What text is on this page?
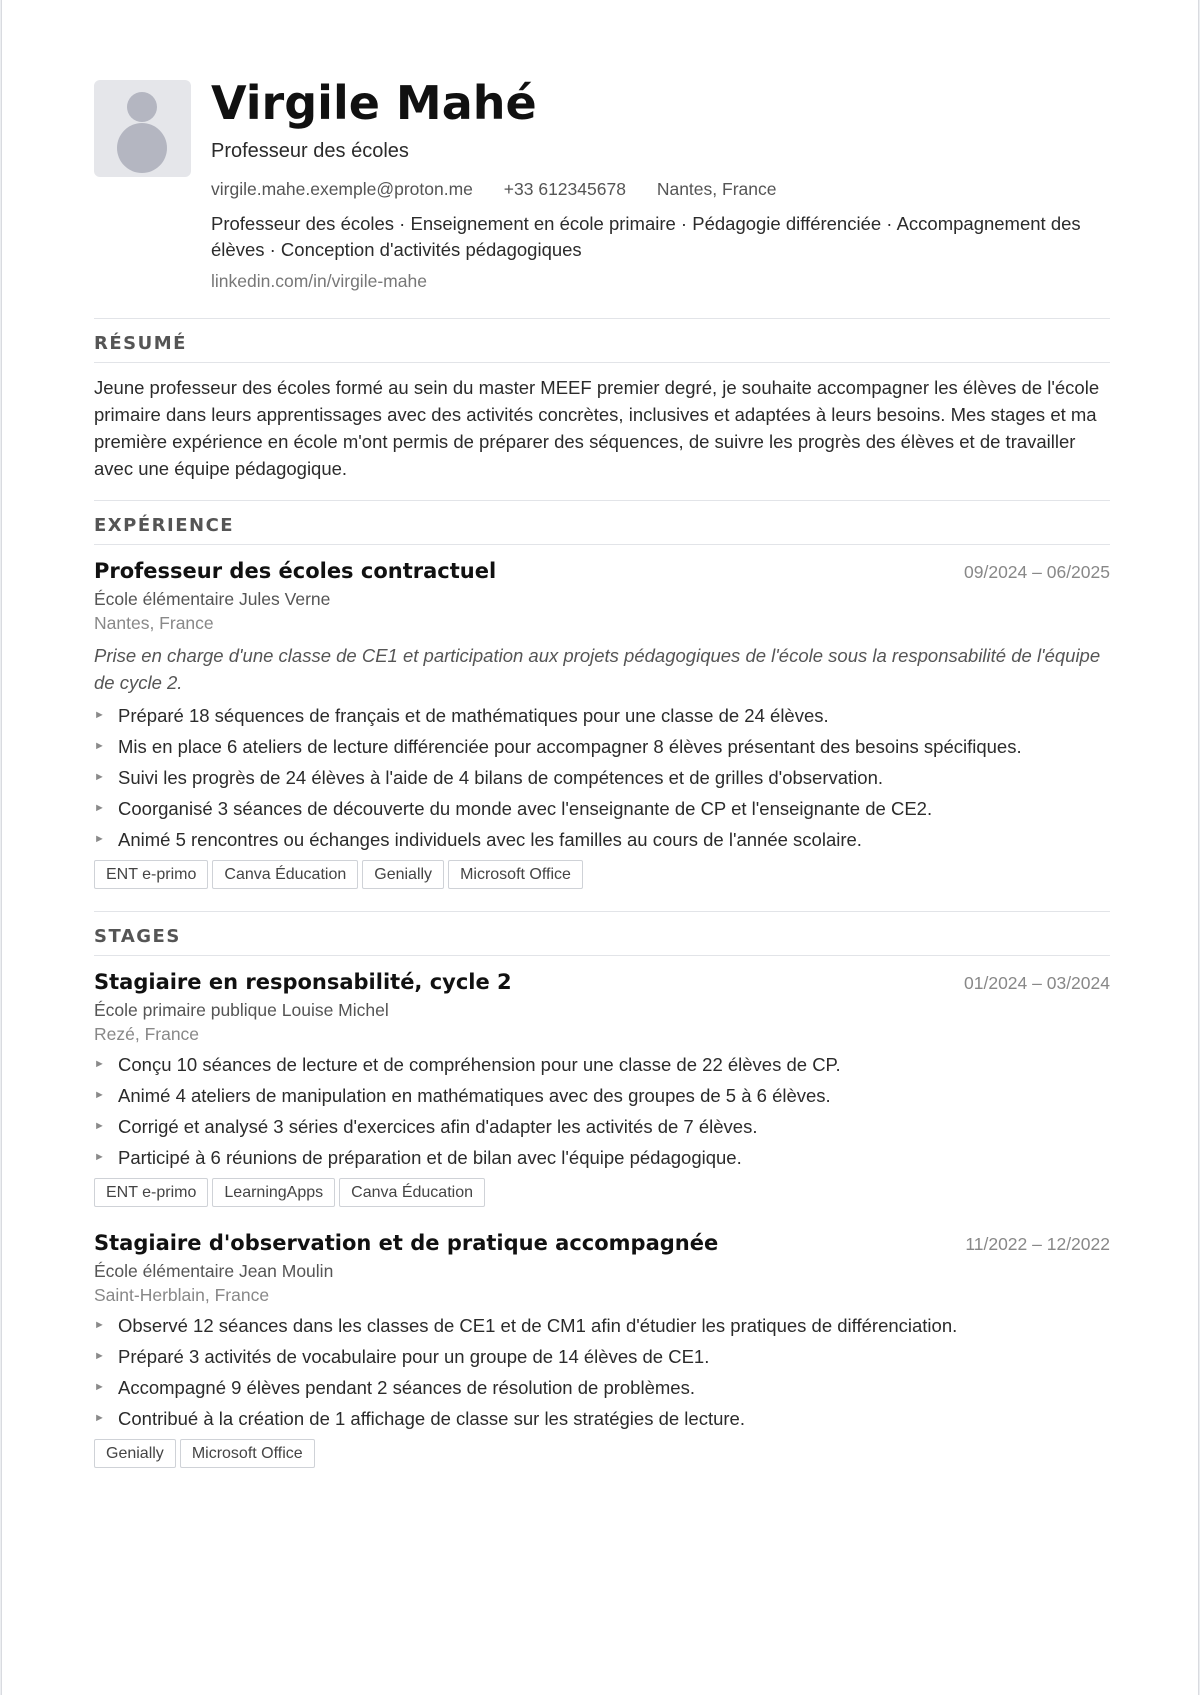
Virgile Mahé
Professeur des écoles
virgile.mahe.exemple@proton.me +33 612345678 Nantes, France
Professeur des écoles · Enseignement en école primaire · Pédagogie différenciée · Accompagnement des élèves · Conception d'activités pédagogiques
linkedin.com/in/virgile-mahe
RÉSUMÉ
Jeune professeur des écoles formé au sein du master MEEF premier degré, je souhaite accompagner les élèves de l'école primaire dans leurs apprentissages avec des activités concrètes, inclusives et adaptées à leurs besoins. Mes stages et ma première expérience en école m'ont permis de préparer des séquences, de suivre les progrès des élèves et de travailler avec une équipe pédagogique.
EXPÉRIENCE
Professeur des écoles contractuel	09/2024 – 06/2025
École élémentaire Jules Verne
Nantes, France
Prise en charge d'une classe de CE1 et participation aux projets pédagogiques de l'école sous la responsabilité de l'équipe de cycle 2.
► Préparé 18 séquences de français et de mathématiques pour une classe de 24 élèves.
► Mis en place 6 ateliers de lecture différenciée pour accompagner 8 élèves présentant des besoins spécifiques.
► Suivi les progrès de 24 élèves à l'aide de 4 bilans de compétences et de grilles d'observation.
► Coorganisé 3 séances de découverte du monde avec l'enseignante de CP et l'enseignante de CE2.
► Animé 5 rencontres ou échanges individuels avec les familles au cours de l'année scolaire.
ENT e-primo	Canva Éducation	Genially	Microsoft Office
STAGES
Stagiaire en responsabilité, cycle 2	01/2024 – 03/2024
École primaire publique Louise Michel
Rezé, France
► Conçu 10 séances de lecture et de compréhension pour une classe de 22 élèves de CP.
► Animé 4 ateliers de manipulation en mathématiques avec des groupes de 5 à 6 élèves.
► Corrigé et analysé 3 séries d'exercices afin d'adapter les activités de 7 élèves.
► Participé à 6 réunions de préparation et de bilan avec l'équipe pédagogique.
ENT e-primo	LearningApps	Canva Éducation
Stagiaire d'observation et de pratique accompagnée	11/2022 – 12/2022
École élémentaire Jean Moulin
Saint-Herblain, France
► Observé 12 séances dans les classes de CE1 et de CM1 afin d'étudier les pratiques de différenciation.
► Préparé 3 activités de vocabulaire pour un groupe de 14 élèves de CE1.
► Accompagné 9 élèves pendant 2 séances de résolution de problèmes.
► Contribué à la création de 1 affichage de classe sur les stratégies de lecture.
Genially	Microsoft Office
